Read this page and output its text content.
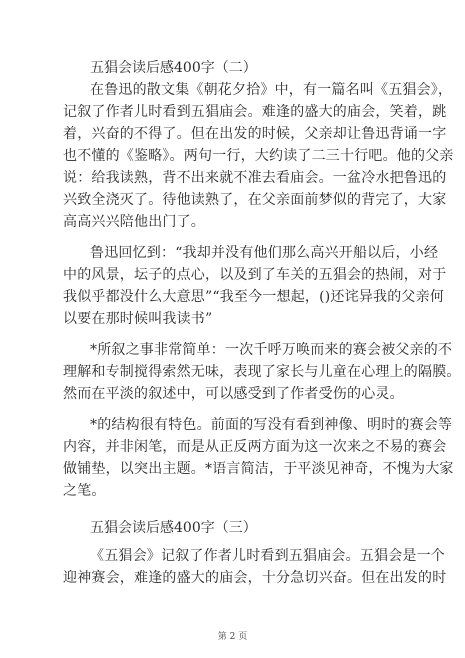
五猖会读后感400字（二）
在鲁迅的散文集《朝花夕拾》中，有一篇名叫《五猖会》，
记叙了作者儿时看到五猖庙会。难逢的盛大的庙会，笑着，跳
着，兴奋的不得了。但在出发的时候，父亲却让鲁迅背诵一字
也不懂的《鉴略》。两句一行，大约读了二三十行吧。他的父亲
说：给我读熟，背不出来就不准去看庙会。一盆冷水把鲁迅的
兴致全浇灭了。待他读熟了，在父亲面前梦似的背完了，大家
高高兴兴陪他出门了。
鲁迅回忆到：“我却并没有他们那么高兴开船以后，小经
中的风景，坛子的点心，以及到了车关的五猖会的热闹，对于
我似乎都没什么大意思”“我至今一想起，()还诧异我的父亲何
以要在那时候叫我读书”
*所叙之事非常简单：一次千呼万唤而来的赛会被父亲的不
理解和专制搅得索然无味，表现了家长与儿童在心理上的隔膜。
然而在平淡的叙述中，可以感受到了作者受伤的心灵。
*的结构很有特色。前面的写没有看到神像、明时的赛会等
内容，并非闲笔，而是从正反两方面为这一次来之不易的赛会
做铺垫，以突出主题。*语言简洁，于平淡见神奇，不愧为大家
之笔。
五猖会读后感400字（三）
《五猖会》记叙了作者儿时看到五猖庙会。五猖会是一个
迎神赛会，难逢的盛大的庙会，十分急切兴奋。但在出发的时
第 2 页
